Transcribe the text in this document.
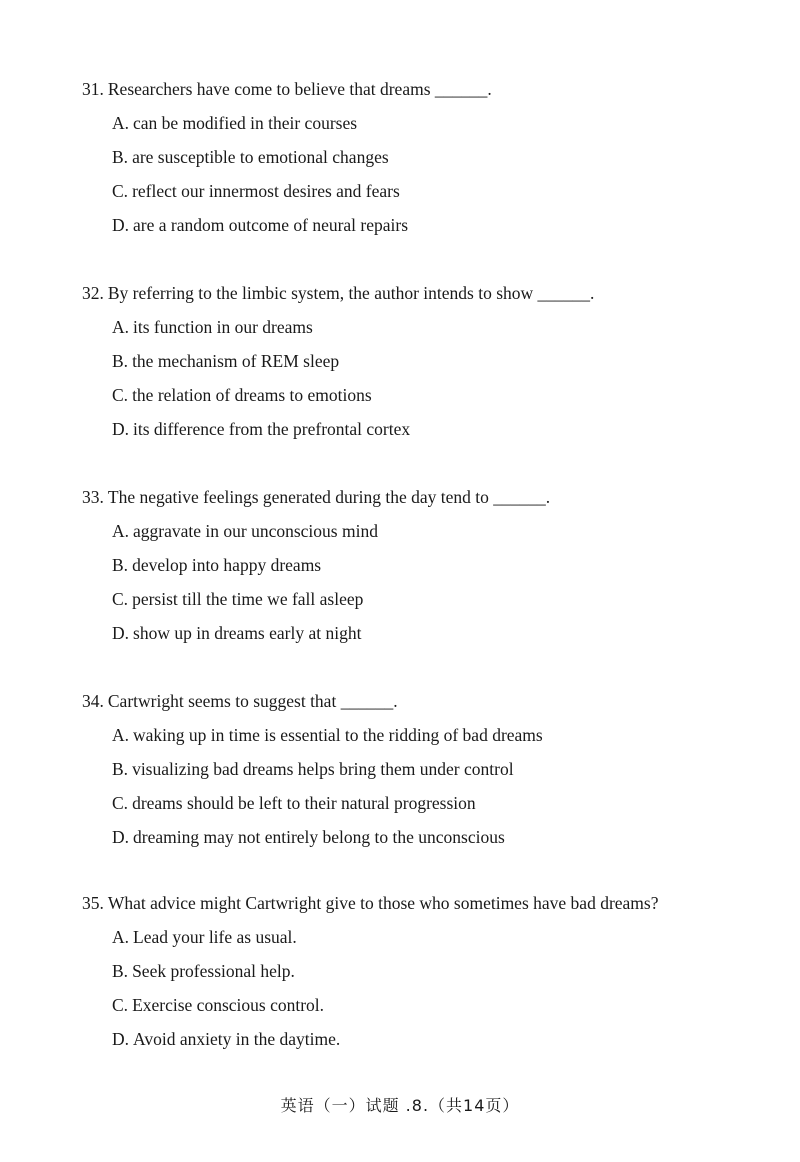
31. Researchers have come to believe that dreams ______.
A. can be modified in their courses
B. are susceptible to emotional changes
C. reflect our innermost desires and fears
D. are a random outcome of neural repairs
32. By referring to the limbic system, the author intends to show ______.
A. its function in our dreams
B. the mechanism of REM sleep
C. the relation of dreams to emotions
D. its difference from the prefrontal cortex
33. The negative feelings generated during the day tend to ______.
A. aggravate in our unconscious mind
B. develop into happy dreams
C. persist till the time we fall asleep
D. show up in dreams early at night
34. Cartwright seems to suggest that ______.
A. waking up in time is essential to the ridding of bad dreams
B. visualizing bad dreams helps bring them under control
C. dreams should be left to their natural progression
D. dreaming may not entirely belong to the unconscious
35. What advice might Cartwright give to those who sometimes have bad dreams?
A. Lead your life as usual.
B. Seek professional help.
C. Exercise conscious control.
D. Avoid anxiety in the daytime.
英语（一）试题 .8.（共14页）
